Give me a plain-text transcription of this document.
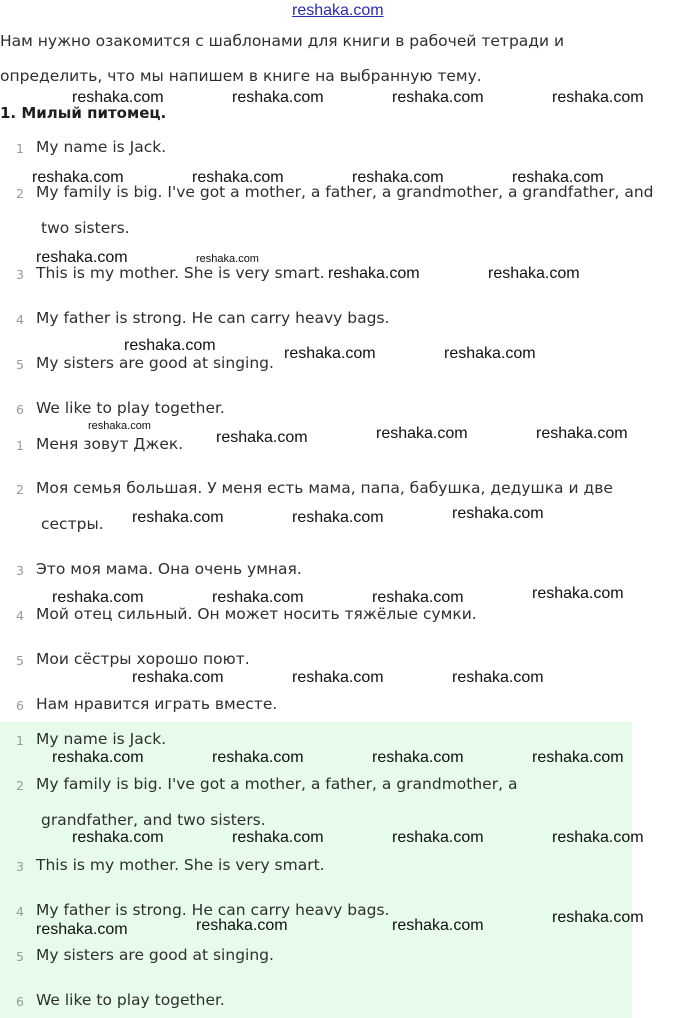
reshaka.com
Нам нужно озакомится с шаблонами для книги в рабочей тетради и
определить, что мы напишем в книге на выбранную тему.
1. Милый питомец.
1 My name is Jack.
2 My family is big. I've got a mother, a father, a grandmother, a grandfather, and
two sisters.
3 This is my mother. She is very smart.
4 My father is strong. He can carry heavy bags.
5 My sisters are good at singing.
6 We like to play together.
1 Меня зовут Джек.
2 Моя семья большая. У меня есть мама, папа, бабушка, дедушка и две
сестры.
3 Это моя мама. Она очень умная.
4 Мой отец сильный. Он может носить тяжёлые сумки.
5 Мои сёстры хорошо поют.
6 Нам нравится играть вместе.
1 My name is Jack.
2 My family is big. I've got a mother, a father, a grandmother, a
grandfather, and two sisters.
3 This is my mother. She is very smart.
4 My father is strong. He can carry heavy bags.
5 My sisters are good at singing.
6 We like to play together.
reshaka.com	reshaka.com	reshaka.com	reshaka.com
reshaka.com	reshaka.com	reshaka.com	reshaka.com
reshaka.com	reshaka.com
reshaka.com	reshaka.com
reshaka.com	reshaka.com	reshaka.com
reshaka.com
reshaka.com	reshaka.com	reshaka.com
reshaka.com	reshaka.com	reshaka.com
reshaka.com	reshaka.com	reshaka.com	reshaka.com
reshaka.com	reshaka.com	reshaka.com
reshaka.com	reshaka.com	reshaka.com	reshaka.com
reshaka.com	reshaka.com	reshaka.com	reshaka.com
reshaka.com
reshaka.com	reshaka.com	reshaka.com
